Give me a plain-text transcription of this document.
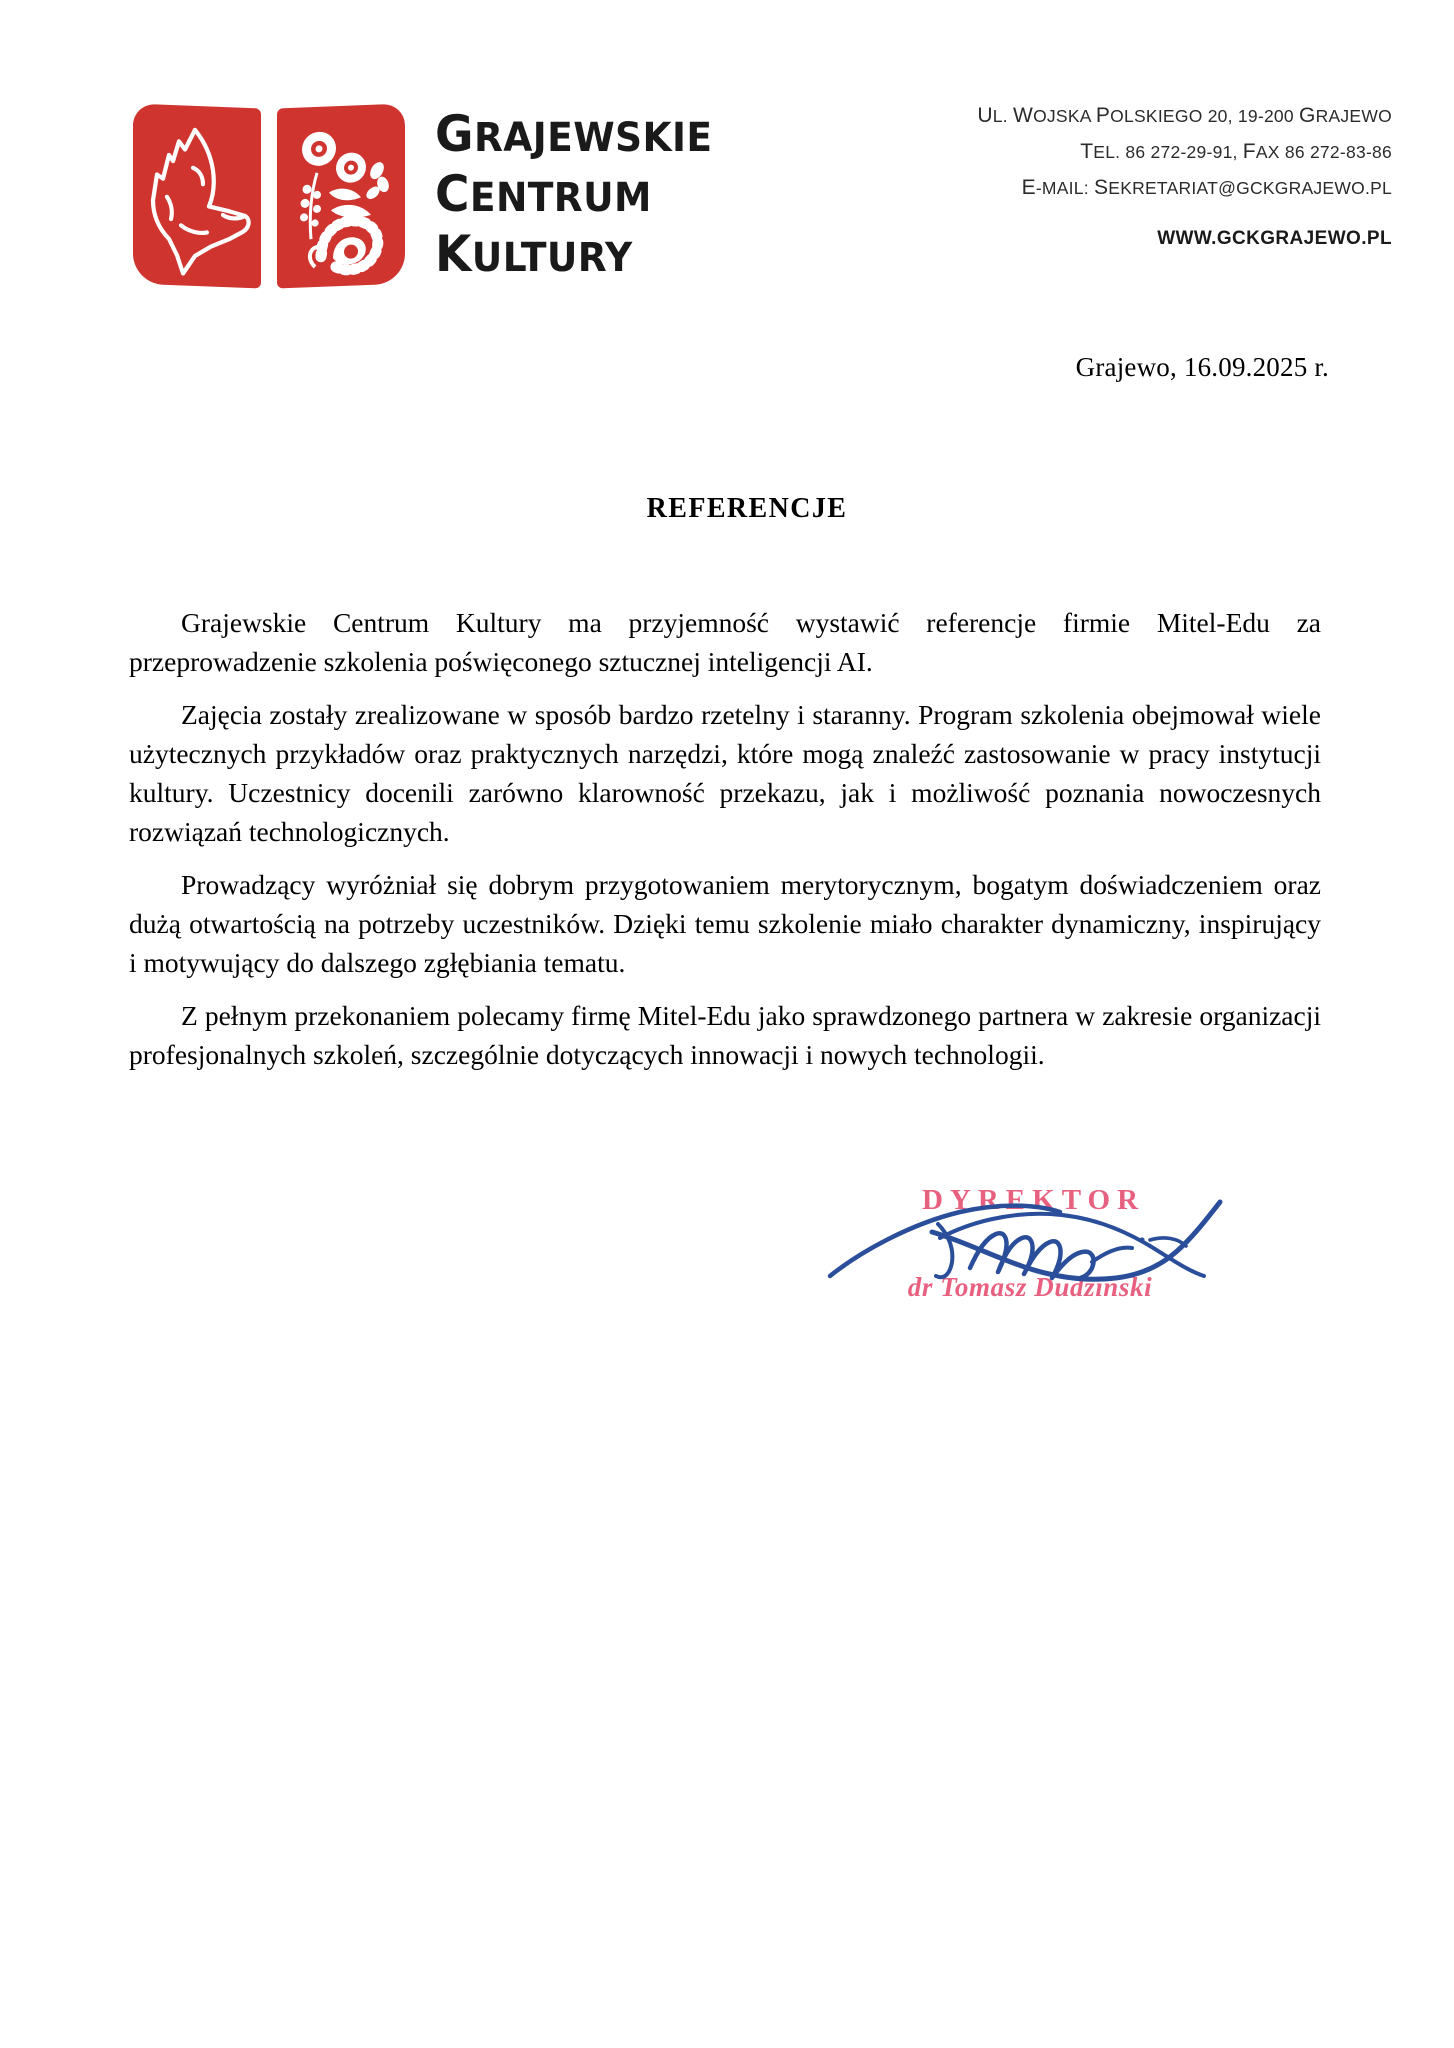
GRAJEWSKIE
CENTRUM
KULTURY
UL. WOJSKA POLSKIEGO 20, 19-200 GRAJEWO
TEL. 86 272-29-91, FAX 86 272-83-86
E-MAIL: SEKRETARIAT@GCKGRAJEWO.PL
WWW.GCKGRAJEWO.PL
Grajewo, 16.09.2025 r.
REFERENCJE

Grajewskie Centrum Kultury ma przyjemność wystawić referencje firmie Mitel-Edu za przeprowadzenie szkolenia poświęconego sztucznej inteligencji AI.

Zajęcia zostały zrealizowane w sposób bardzo rzetelny i staranny. Program szkolenia obejmował wiele użytecznych przykładów oraz praktycznych narzędzi, które mogą znaleźć zastosowanie w pracy instytucji kultury. Uczestnicy docenili zarówno klarowność przekazu, jak i możliwość poznania nowoczesnych rozwiązań technologicznych.

Prowadzący wyróżniał się dobrym przygotowaniem merytorycznym, bogatym doświadczeniem oraz dużą otwartością na potrzeby uczestników. Dzięki temu szkolenie miało charakter dynamiczny, inspirujący i motywujący do dalszego zgłębiania tematu.

Z pełnym przekonaniem polecamy firmę Mitel-Edu jako sprawdzonego partnera w zakresie organizacji profesjonalnych szkoleń, szczególnie dotyczących innowacji i nowych technologii.

DYREKTOR
dr Tomasz Dudziński
